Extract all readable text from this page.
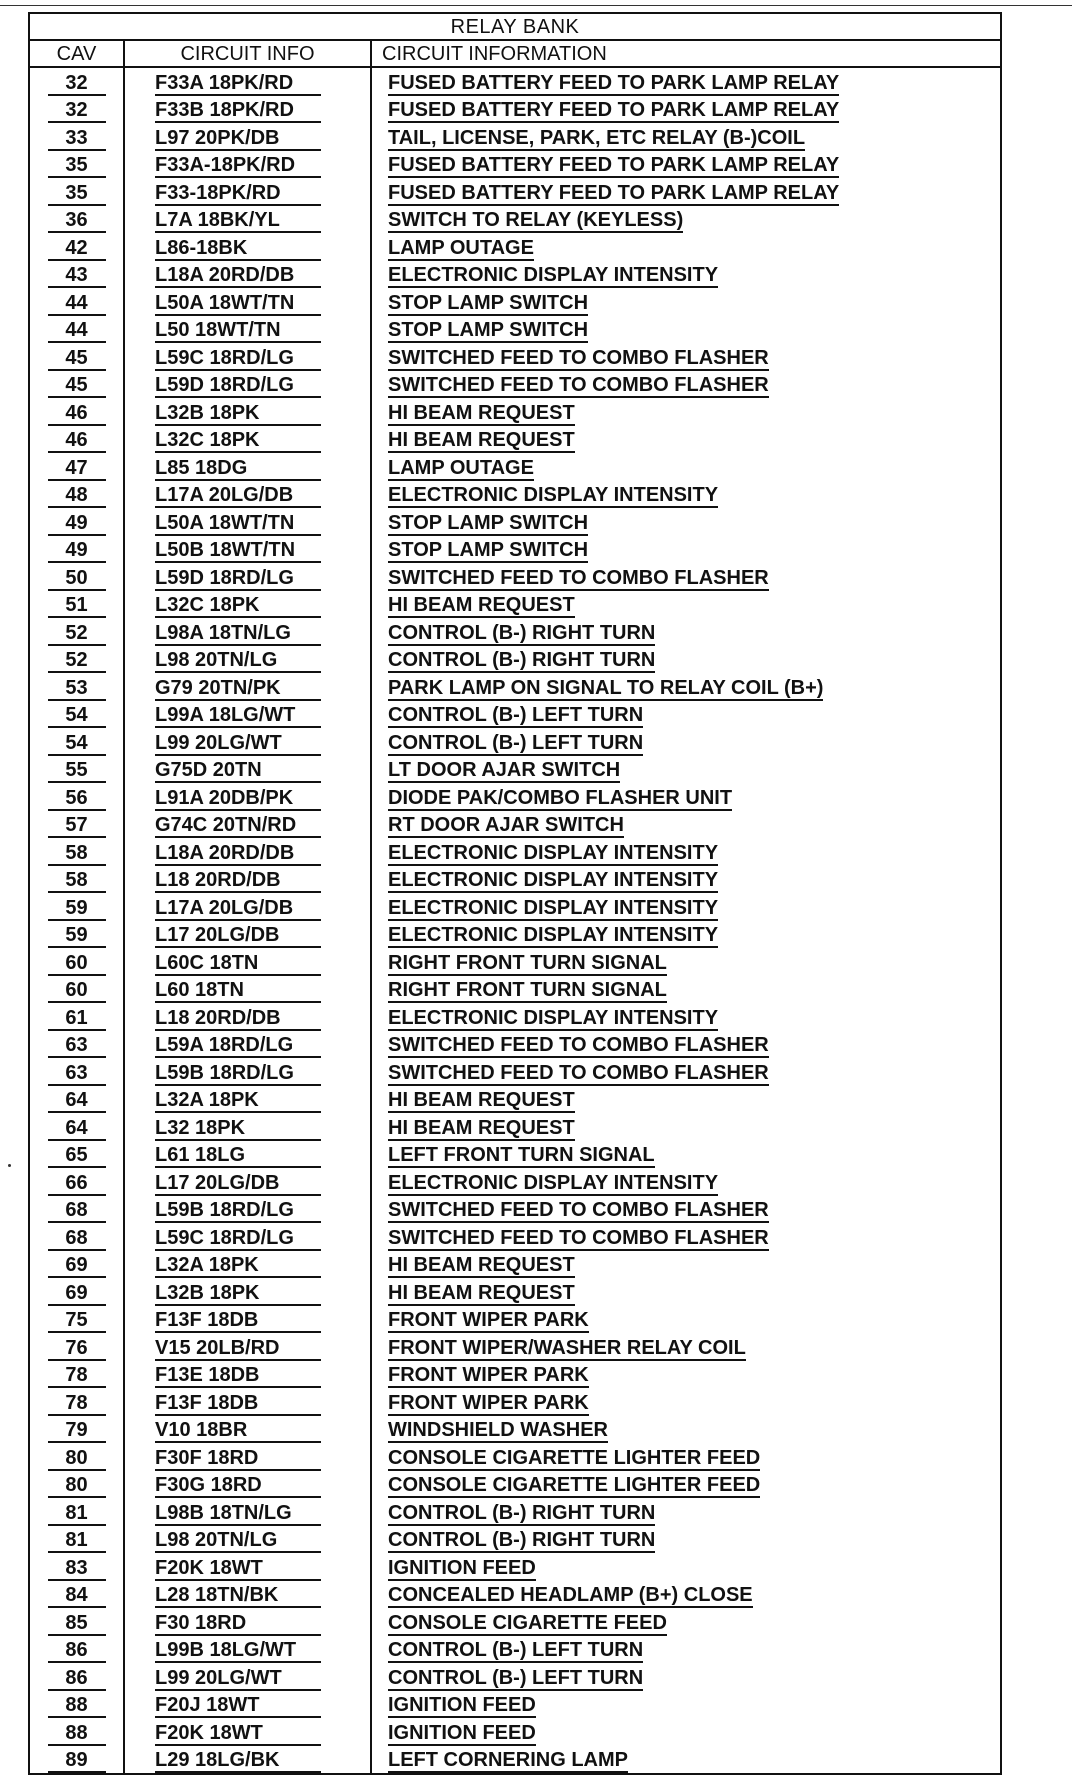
RELAY BANK		
CAV	CIRCUIT INFO	CIRCUIT INFORMATION
32	F33A 18PK/RD	FUSED BATTERY FEED TO PARK LAMP RELAY
32	F33B 18PK/RD	FUSED BATTERY FEED TO PARK LAMP RELAY
33	L97 20PK/DB	TAIL, LICENSE, PARK, ETC RELAY (B-)COIL
35	F33A-18PK/RD	FUSED BATTERY FEED TO PARK LAMP RELAY
35	F33-18PK/RD	FUSED BATTERY FEED TO PARK LAMP RELAY
36	L7A 18BK/YL	SWITCH TO RELAY (KEYLESS)
42	L86-18BK	LAMP OUTAGE
43	L18A 20RD/DB	ELECTRONIC DISPLAY INTENSITY
44	L50A 18WT/TN	STOP LAMP SWITCH
44	L50 18WT/TN	STOP LAMP SWITCH
45	L59C 18RD/LG	SWITCHED FEED TO COMBO FLASHER
45	L59D 18RD/LG	SWITCHED FEED TO COMBO FLASHER
46	L32B 18PK	HI BEAM REQUEST
46	L32C 18PK	HI BEAM REQUEST
47	L85 18DG	LAMP OUTAGE
48	L17A 20LG/DB	ELECTRONIC DISPLAY INTENSITY
49	L50A 18WT/TN	STOP LAMP SWITCH
49	L50B 18WT/TN	STOP LAMP SWITCH
50	L59D 18RD/LG	SWITCHED FEED TO COMBO FLASHER
51	L32C 18PK	HI BEAM REQUEST
52	L98A 18TN/LG	CONTROL (B-) RIGHT TURN
52	L98 20TN/LG	CONTROL (B-) RIGHT TURN
53	G79 20TN/PK	PARK LAMP ON SIGNAL TO RELAY COIL (B+)
54	L99A 18LG/WT	CONTROL (B-) LEFT TURN
54	L99 20LG/WT	CONTROL (B-) LEFT TURN
55	G75D 20TN	LT DOOR AJAR SWITCH
56	L91A 20DB/PK	DIODE PAK/COMBO FLASHER UNIT
57	G74C 20TN/RD	RT DOOR AJAR SWITCH
58	L18A 20RD/DB	ELECTRONIC DISPLAY INTENSITY
58	L18 20RD/DB	ELECTRONIC DISPLAY INTENSITY
59	L17A 20LG/DB	ELECTRONIC DISPLAY INTENSITY
59	L17 20LG/DB	ELECTRONIC DISPLAY INTENSITY
60	L60C 18TN	RIGHT FRONT TURN SIGNAL
60	L60 18TN	RIGHT FRONT TURN SIGNAL
61	L18 20RD/DB	ELECTRONIC DISPLAY INTENSITY
63	L59A 18RD/LG	SWITCHED FEED TO COMBO FLASHER
63	L59B 18RD/LG	SWITCHED FEED TO COMBO FLASHER
64	L32A 18PK	HI BEAM REQUEST
64	L32 18PK	HI BEAM REQUEST
65	L61 18LG	LEFT FRONT TURN SIGNAL
66	L17 20LG/DB	ELECTRONIC DISPLAY INTENSITY
68	L59B 18RD/LG	SWITCHED FEED TO COMBO FLASHER
68	L59C 18RD/LG	SWITCHED FEED TO COMBO FLASHER
69	L32A 18PK	HI BEAM REQUEST
69	L32B 18PK	HI BEAM REQUEST
75	F13F 18DB	FRONT WIPER PARK
76	V15 20LB/RD	FRONT WIPER/WASHER RELAY COIL
78	F13E 18DB	FRONT WIPER PARK
78	F13F 18DB	FRONT WIPER PARK
79	V10 18BR	WINDSHIELD WASHER
80	F30F 18RD	CONSOLE CIGARETTE LIGHTER FEED
80	F30G 18RD	CONSOLE CIGARETTE LIGHTER FEED
81	L98B 18TN/LG	CONTROL (B-) RIGHT TURN
81	L98 20TN/LG	CONTROL (B-) RIGHT TURN
83	F20K 18WT	IGNITION FEED
84	L28 18TN/BK	CONCEALED HEADLAMP (B+) CLOSE
85	F30 18RD	CONSOLE CIGARETTE FEED
86	L99B 18LG/WT	CONTROL (B-) LEFT TURN
86	L99 20LG/WT	CONTROL (B-) LEFT TURN
88	F20J 18WT	IGNITION FEED
88	F20K 18WT	IGNITION FEED
89	L29 18LG/BK	LEFT CORNERING LAMP
